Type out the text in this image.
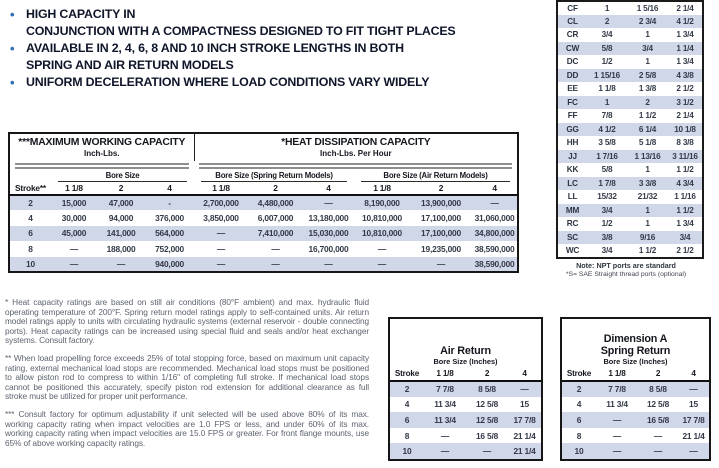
• HIGH CAPACITY IN
CONJUNCTION WITH A COMPACTNESS DESIGNED TO FIT TIGHT PLACES
• AVAILABLE IN 2, 4, 6, 8 AND 10 INCH STROKE LENGTHS IN BOTH
SPRING AND AIR RETURN MODELS
• UNIFORM DECELERATION WHERE LOAD CONDITIONS VARY WIDELY
CF	1	1 5/16	2 1/4
CL	2	2 3/4	4 1/2
CR	3/4	1	1 3/4
CW	5/8	3/4	1 1/4
DC	1/2	1	1 3/4
DD	1 15/16	2 5/8	4 3/8
EE	1 1/8	1 3/8	2 1/2
FC	1	2	3 1/2
FF	7/8	1 1/2	2 1/4
GG	4 1/2	6 1/4	10 1/8
HH	3 5/8	5 1/8	8 3/8
JJ	1 7/16	1 13/16	3 11/16
KK	5/8	1	1 1/2
LC	1 7/8	3 3/8	4 3/4
LL	15/32	21/32	1 1/16
MM	3/4	1	1 1/2
RC	1/2	1	1 3/4
SC	3/8	9/16	3/4
WC	3/4	1 1/2	2 1/2
Note: NPT ports are standard
*S= SAE Straight thread ports (optional)
***MAXIMUM WORKING CAPACITY
Inch-Lbs.

*HEAT DISSIPATION CAPACITY
Inch-Lbs. Per Hour

	Bore Size			Bore Size (Spring Return Models)			Bore Size (Air Return Models)		

Stroke**	1 1/8	2	4	1 1/8	2	4	1 1/8	2	4
2	15,000	47,000	-	2,700,000	4,480,000	—	8,190,000	13,900,000	—
4	30,000	94,000	376,000	3,850,000	6,007,000	13,180,000	10,810,000	17,100,000	31,060,000
6	45,000	141,000	564,000	—	7,410,000	15,030,000	10,810,000	17,100,000	34,800,000
8	—	188,000	752,000	—	—	16,700,000	—	19,235,000	38,590,000
10	—	—	940,000	—	—	—	—	—	38,590,000

* Heat capacity ratings are based on still air conditions (80°F ambient) and max. hydraulic fluid operating temperature of 200°F. Spring return model ratings apply to self-contained units. Air return model ratings apply to units with circulating hydraulic systems (external reservoir - double connecting ports). Heat capacity ratings can be increased using special fluid and seals and/or heat exchanger systems. Consult factory.

** When load propelling force exceeds 25% of total stopping force, based on maximum unit capacity rating, external mechanical load stops are recommended. Mechanical load stops must be positioned to allow piston rod to compress to within 1/16" of completing full stroke. If mechanical load stops cannot be positioned this accurately, specify piston rod extension for additional clearance as full stroke must be utilized for proper unit performance.

*** Consult factory for optimum adjustability if unit selected will be used above 80% of its max. working capacity rating when impact velocities are 1.0 FPS or less, and under 60% of its max. working capacity rating when impact velocities are 15.0 FPS or greater. For front flange mounts, use 65% of above working capacity ratings.

Air Return
Bore Size (Inches)
Stroke	1 1/8	2	4
2	7 7/8	8 5/8	—
4	11 3/4	12 5/8	15
6	11 3/4	12 5/8	17 7/8
8	—	16 5/8	21 1/4
10	—	—	21 1/4
Dimension A
Spring Return
Bore Size (Inches)
Stroke	1 1/8	2	4
2	7 7/8	8 5/8	—
4	11 3/4	12 5/8	15
6	—	16 5/8	17 7/8
8	—	—	21 1/4
10	—	—	—
